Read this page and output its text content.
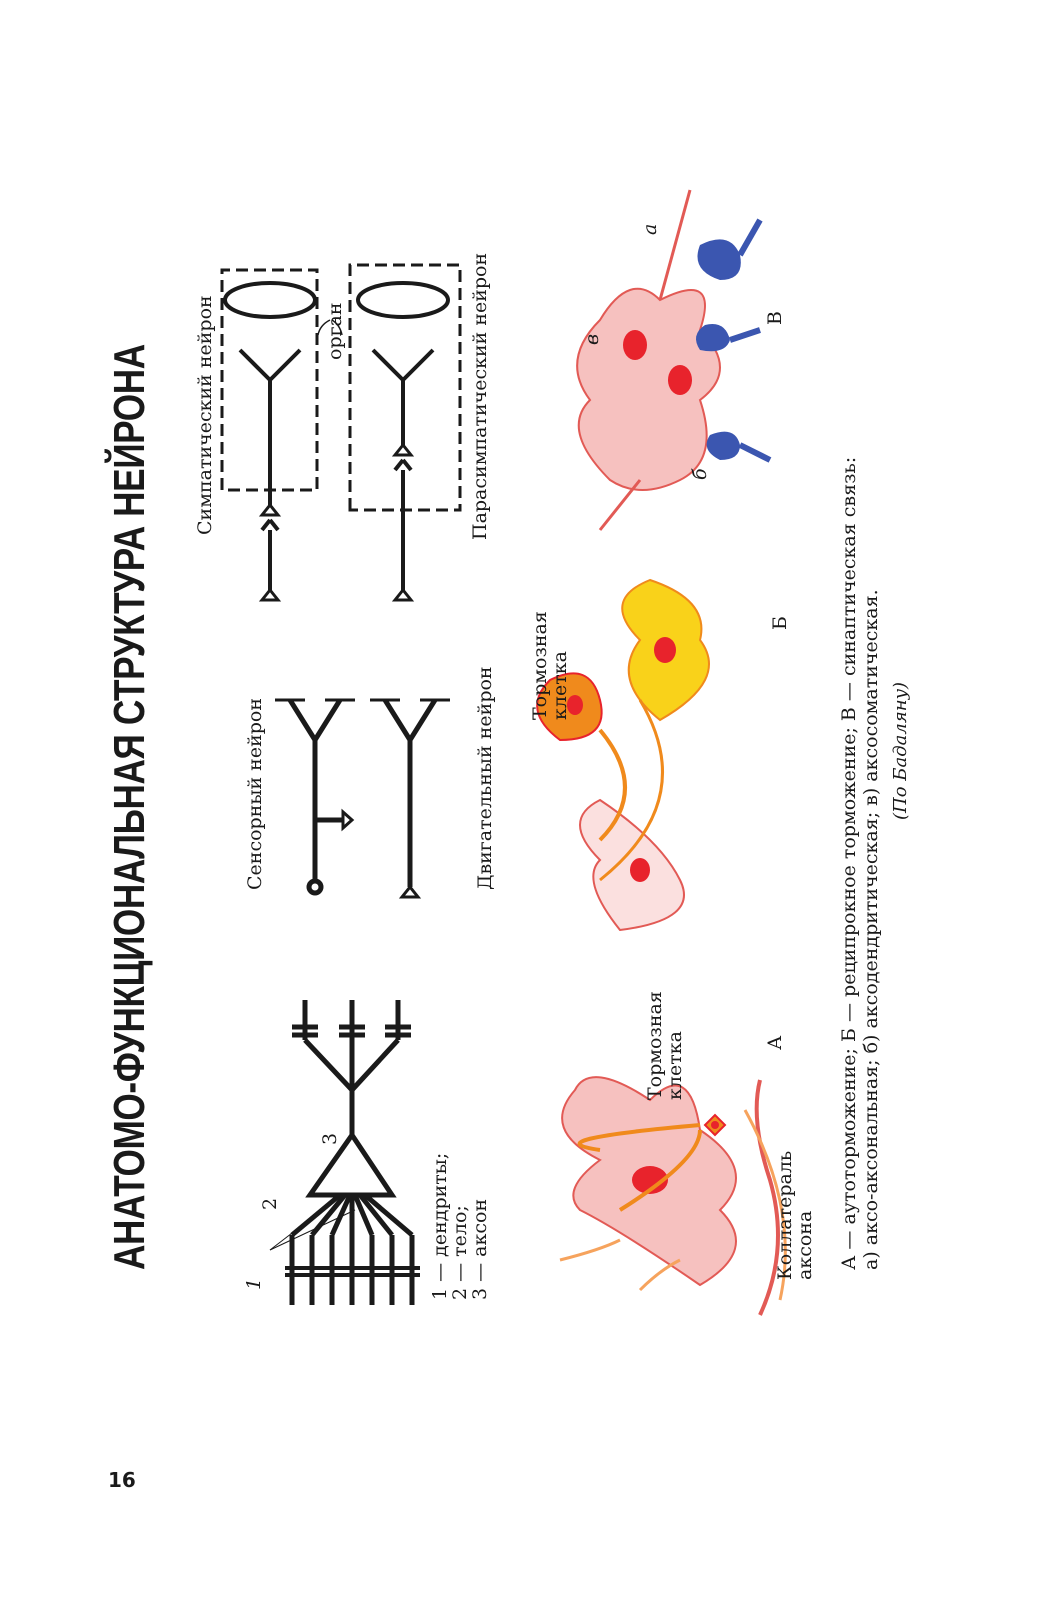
16
АНАТОМО-ФУНКЦИОНАЛЬНАЯ СТРУКТУРА НЕЙРОНА
1
2
3
1 — дендриты;
2 — тело;
3 — аксон
Сенсорный нейрон	Двигательный нейрон
Симпатический нейрон	Парасимпатический нейрон
орган
Тормозная
клетка
Коллатераль
аксона
А
Тормозная
клетка
Б
В
а
б
в
А — аутоторможение; Б — реципрокное торможение; В — синаптическая связь: а) аксо-аксональная; б) аксодендритическая; в) аксосоматическая. (По Бадаляну)
